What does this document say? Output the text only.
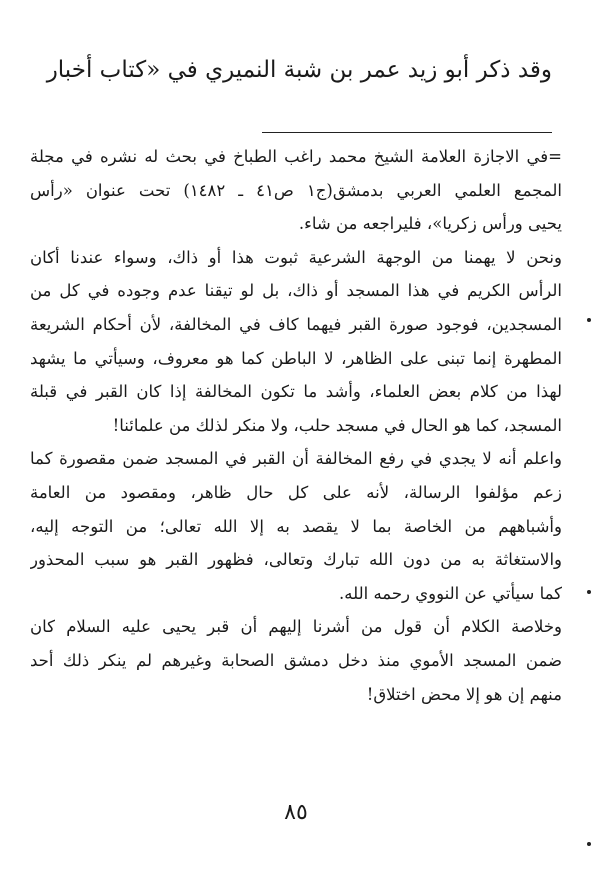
وقد ذكر أبو زيد عمر بن شبة النميري في «كتاب أخبار
=في الاجازة العلامة الشيخ محمد راغب الطباخ في بحث له نشره في مجلة
المجمع العلمي العربي بدمشق(ج١ ص٤١ ـ ١٤٨٢) تحت عنوان «رأس
يحيى ورأس زكريا»، فليراجعه من شاء.
ونحن لا يهمنا من الوجهة الشرعية ثبوت هذا أو ذاك، وسواء عندنا أكان
الرأس الكريم في هذا المسجد أو ذاك، بل لو تيقنا عدم وجوده في كل من
المسجدين، فوجود صورة القبر فيهما كاف في المخالفة، لأن أحكام الشريعة
المطهرة إنما تبنى على الظاهر، لا الباطن كما هو معروف، وسيأتي ما يشهد
لهذا من كلام بعض العلماء، وأشد ما تكون المخالفة إذا كان القبر في قبلة
المسجد، كما هو الحال في مسجد حلب، ولا منكر لذلك من علمائنا!
واعلم أنه لا يجدي في رفع المخالفة أن القبر في المسجد ضمن مقصورة كما
زعم مؤلفوا الرسالة، لأنه على كل حال ظاهر، ومقصود من العامة
وأشباههم من الخاصة بما لا يقصد به إلا الله تعالى؛ من التوجه إليه،
والاستغاثة به من دون الله تبارك وتعالى، فظهور القبر هو سبب المحذور
كما سيأتي عن النووي رحمه الله.
وخلاصة الكلام أن قول من أشرنا إليهم أن قبر يحيى عليه السلام كان
ضمن المسجد الأموي منذ دخل دمشق الصحابة وغيرهم لم ينكر ذلك أحد
منهم إن هو إلا محض اختلاق!
٨٥
